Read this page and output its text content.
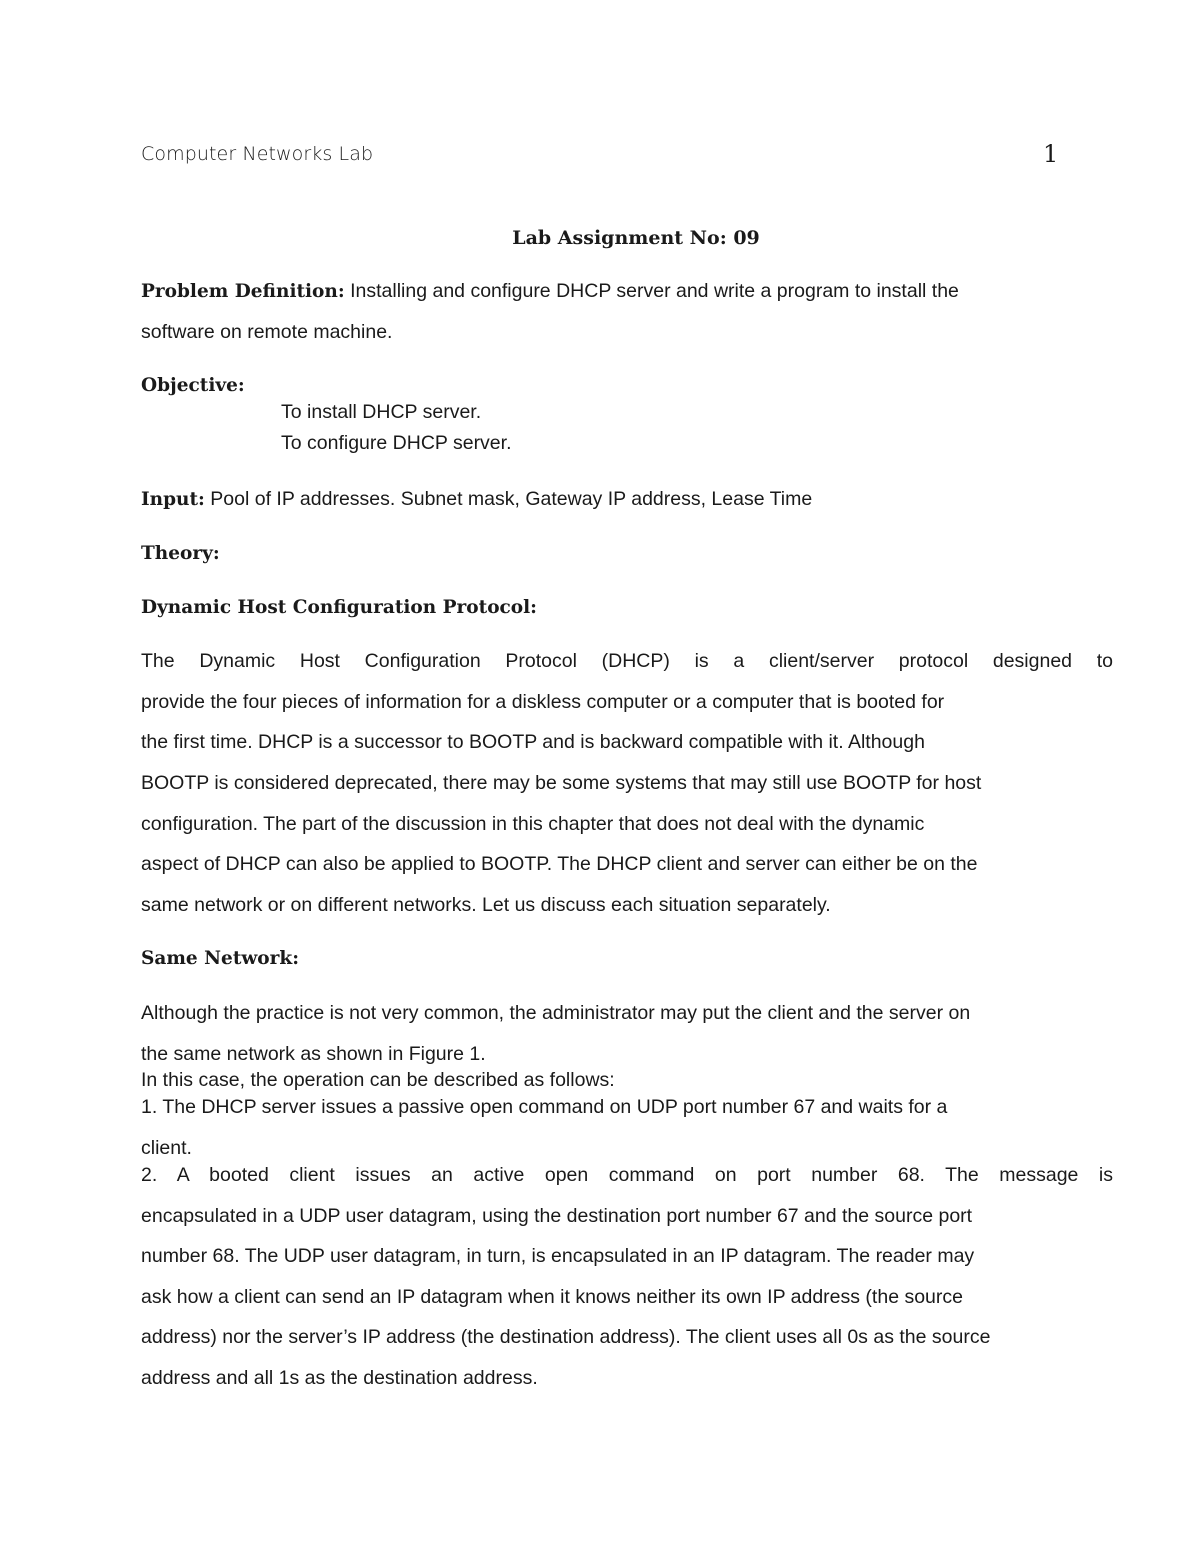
Computer Networks Lab	1
Lab Assignment No: 09
Problem Definition: Installing and configure DHCP server and write a program to install the
software on remote machine.
Objective:
To install DHCP server.
To configure DHCP server.
Input: Pool of IP addresses. Subnet mask, Gateway IP address, Lease Time
Theory:
Dynamic Host Configuration Protocol:
The Dynamic Host Configuration Protocol (DHCP) is a client/server protocol designed to
provide the four pieces of information for a diskless computer or a computer that is booted for
the first time. DHCP is a successor to BOOTP and is backward compatible with it. Although
BOOTP is considered deprecated, there may be some systems that may still use BOOTP for host
configuration. The part of the discussion in this chapter that does not deal with the dynamic
aspect of DHCP can also be applied to BOOTP. The DHCP client and server can either be on the
same network or on different networks. Let us discuss each situation separately.
Same Network:
Although the practice is not very common, the administrator may put the client and the server on
the same network as shown in Figure 1.
In this case, the operation can be described as follows:
1. The DHCP server issues a passive open command on UDP port number 67 and waits for a
client.
2. A booted client issues an active open command on port number 68. The message is
encapsulated in a UDP user datagram, using the destination port number 67 and the source port
number 68. The UDP user datagram, in turn, is encapsulated in an IP datagram. The reader may
ask how a client can send an IP datagram when it knows neither its own IP address (the source
address) nor the server’s IP address (the destination address). The client uses all 0s as the source
address and all 1s as the destination address.
